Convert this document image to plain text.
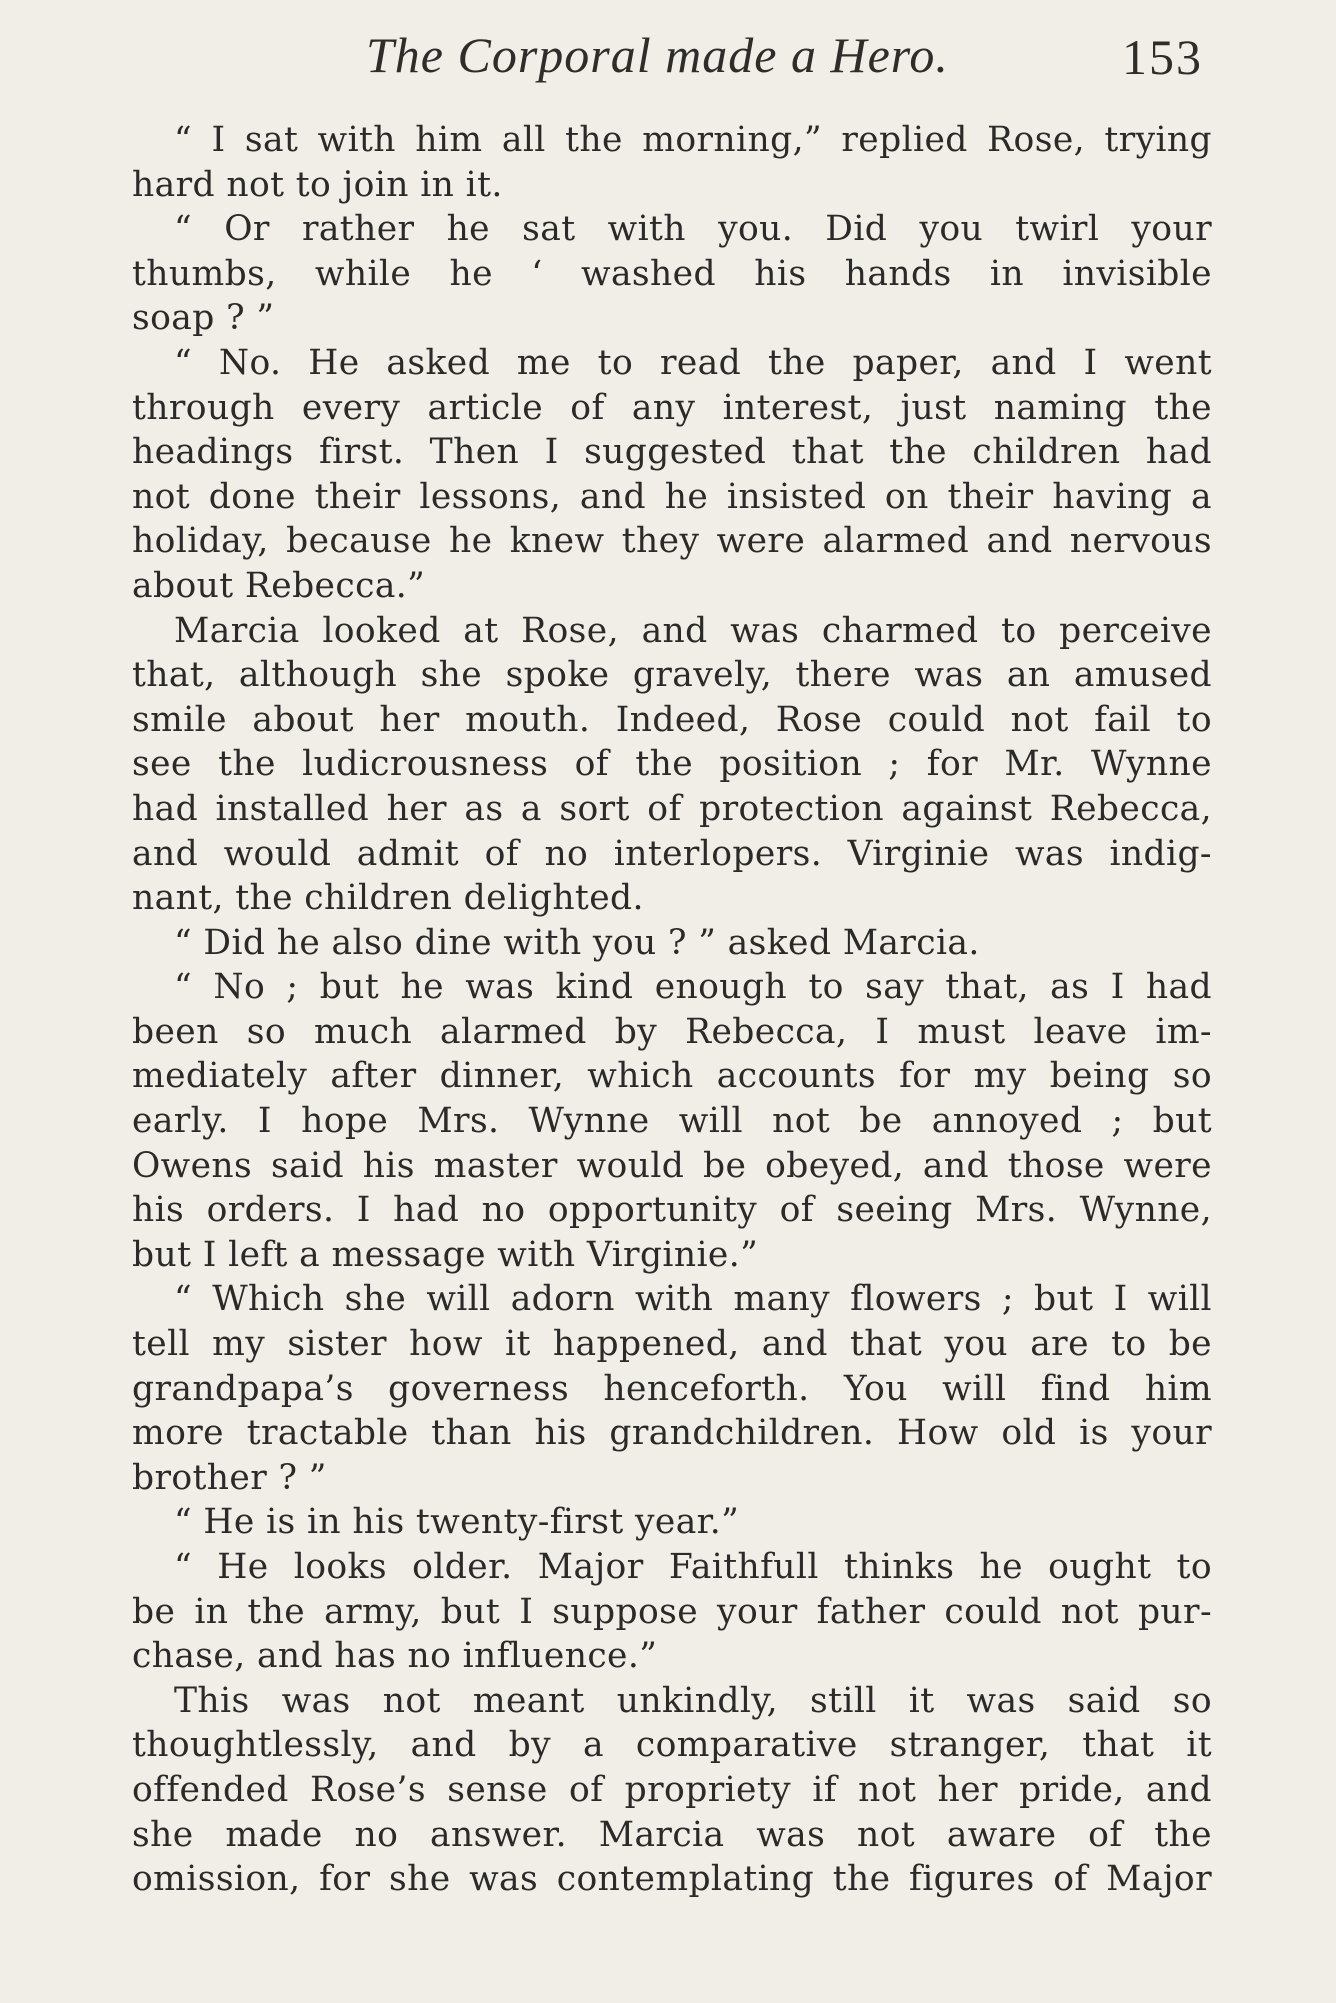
The Corporal made a Hero.	153
“ I sat with him all the morning,” replied Rose, trying
hard not to join in it.
“ Or rather he sat with you. Did you twirl your
thumbs, while he ‘ washed his hands in invisible
soap ? ”
“ No. He asked me to read the paper, and I went
through every article of any interest, just naming the
headings first. Then I suggested that the children had
not done their lessons, and he insisted on their having a
holiday, because he knew they were alarmed and nervous
about Rebecca.”
Marcia looked at Rose, and was charmed to perceive
that, although she spoke gravely, there was an amused
smile about her mouth. Indeed, Rose could not fail to
see the ludicrousness of the position ; for Mr. Wynne
had installed her as a sort of protection against Rebecca,
and would admit of no interlopers. Virginie was indig-
nant, the children delighted.
“ Did he also dine with you ? ” asked Marcia.
“ No ; but he was kind enough to say that, as I had
been so much alarmed by Rebecca, I must leave im-
mediately after dinner, which accounts for my being so
early. I hope Mrs. Wynne will not be annoyed ; but
Owens said his master would be obeyed, and those were
his orders. I had no opportunity of seeing Mrs. Wynne,
but I left a message with Virginie.”
“ Which she will adorn with many flowers ; but I will
tell my sister how it happened, and that you are to be
grandpapa’s governess henceforth. You will find him
more tractable than his grandchildren. How old is your
brother ? ”
“ He is in his twenty-first year.”
“ He looks older. Major Faithfull thinks he ought to
be in the army, but I suppose your father could not pur-
chase, and has no influence.”
This was not meant unkindly, still it was said so
thoughtlessly, and by a comparative stranger, that it
offended Rose’s sense of propriety if not her pride, and
she made no answer. Marcia was not aware of the
omission, for she was contemplating the figures of Major
